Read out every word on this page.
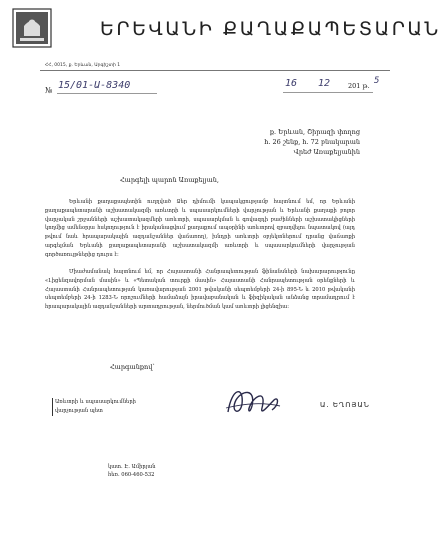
ԵՐԵՎԱՆԻ ՔԱՂԱՔԱՊԵՏԱՐԱՆ
ՀՀ, 0015, ք. Երևան, Արգիշտի 1
№ 15/01-Ա-8340	16 12	201 թ. 5
ք. Երևան, Շիրազի փողոց
հ. 26 շենք, հ. 72 բնակարան
Վրեժ Առաքելյանին
Հարգելի պարոն Առաքելյան,
Երևանի քաղաքապետին ուղղված Ձեր դիմումի կապակցությամբ հայտնում եմ, որ Երևանի քաղաքապետարանի աշխատակազմի առևտրի և սպասարկումների վարչության և Երևանի քաղաքի բոլոր վարչական շրջանների աշխատակազմերի առևտրի, սպասարկման և գովազդի բաժինների աշխատակիցների կողմից ամենօրյա հսկողություն է իրականացվում քաղաքում ապօրինի առևտրով զբաղվելու նպատակով (այդ թվում նաև հրապարակային ազդանշաններ վաճառող), խնդրի առևտրի օբյեկտներում դրանց վաճառքի արգելման Երևանի քաղաքապետարանի աշխատակազմի առևտրի և սպասարկումների վարչության գործառույթներից դուրս է:
Միաժամանակ հայտնում եմ, որ Հայաստանի Հանրապետության ֆինանսների նախարարությունը «Լիցենզավորման մասին» և «Պետական տուրքի մասին» Հայաստանի Հանրապետության օրենքների և Հայաստանի Հանրապետության կառավարության 2001 թվականի սեպտեմբերի 24-ի 895-Ն և 2010 թվականի սեպտեմբերի 24-ի 1283-Ն որոշումների համաձայն իրավաբանական և ֆիզիկական անձանց տրամադրում է հրապարակային ազդանշանների արտադրության, ներմուծման կամ առևտրի լիցենզիա:
Հարգանքով՝
Առևտրի և սպասարկումների
վարչության պետ
Ա. ԵՂՈՅԱՆ
կատ. Է. Ամիրյան
հեռ. 060-460-532
